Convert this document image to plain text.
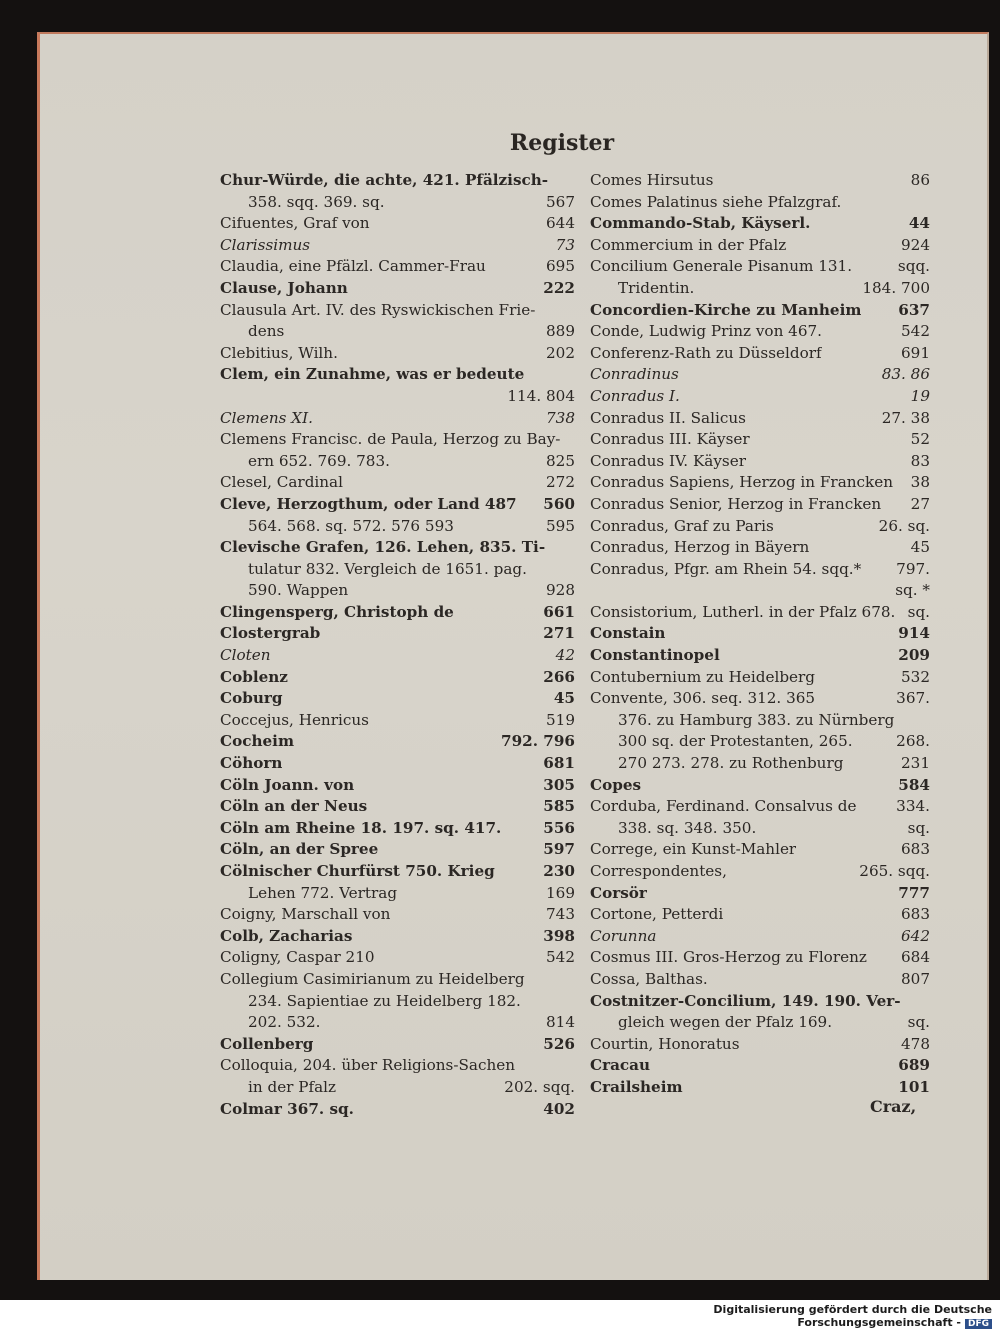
Register
Chur-Würde, die achte, 421. Pfälzisch-
358. sqq. 369. sq.	567
Cifuentes, Graf von	644
Clarissimus	73
Claudia, eine Pfälzl. Cammer-Frau	695
Clause, Johann	222
Clausula Art. IV. des Ryswickischen Frie-
dens	889
Clebitius, Wilh.	202
Clem, ein Zunahme, was er bedeute
114. 804
Clemens XI.	738
Clemens Francisc. de Paula, Herzog zu Bay-
ern 652. 769. 783.	825
Clesel, Cardinal	272
Cleve, Herzogthum, oder Land 487	560
564. 568. sq. 572. 576 593	595
Clevische Grafen, 126. Lehen, 835. Ti-
tulatur 832. Vergleich de 1651. pag.
590. Wappen	928
Clingensperg, Christoph de	661
Clostergrab	271
Cloten	42
Coblenz	266
Coburg	45
Coccejus, Henricus	519
Cocheim	792. 796
Cöhorn	681
Cöln Joann. von	305
Cöln an der Neus	585
Cöln am Rheine 18. 197. sq. 417.	556
Cöln, an der Spree	597
Cölnischer Churfürst 750. Krieg	230
Lehen 772. Vertrag	169
Coigny, Marschall von	743
Colb, Zacharias	398
Coligny, Caspar 210	542
Collegium Casimirianum zu Heidelberg
234. Sapientiae zu Heidelberg 182.
202. 532.	814
Collenberg	526
Colloquia, 204. über Religions-Sachen
in der Pfalz	202. sqq.
Colmar 367. sq.	402
Comes Hirsutus	86
Comes Palatinus siehe Pfalzgraf.
Commando-Stab, Käyserl.	44
Commercium in der Pfalz	924
Concilium Generale Pisanum 131.	sqq.
Tridentin.	184. 700
Concordien-Kirche zu Manheim	637
Conde, Ludwig Prinz von 467.	542
Conferenz-Rath zu Düsseldorf	691
Conradinus	83. 86
Conradus I.	19
Conradus II. Salicus	27. 38
Conradus III. Käyser	52
Conradus IV. Käyser	83
Conradus Sapiens, Herzog in Francken	38
Conradus Senior, Herzog in Francken	27
Conradus, Graf zu Paris	26. sq.
Conradus, Herzog in Bäyern	45
Conradus, Pfgr. am Rhein 54. sqq.*	797.
sq. *
Consistorium, Lutherl. in der Pfalz 678. sq.
Constain	914
Constantinopel	209
Contubernium zu Heidelberg	532
Convente, 306. seq. 312. 365	367.
376. zu Hamburg 383. zu Nürnberg
300 sq. der Protestanten, 265.	268.
270 273. 278. zu Rothenburg	231
Copes	584
Corduba, Ferdinand. Consalvus de	334.
338. sq. 348. 350.	sq.
Correge, ein Kunst-Mahler	683
Correspondentes,	265. sqq.
Corsör	777
Cortone, Petterdi	683
Corunna	642
Cosmus III. Gros-Herzog zu Florenz	684
Cossa, Balthas.	807
Costnitzer-Concilium, 149. 190. Ver-
gleich wegen der Pfalz 169.	sq.
Courtin, Honoratus	478
Cracau	689
Crailsheim	101
Craz,
Digitalisierung gefördert durch die Deutsche Forschungsgemeinschaft - DFG
